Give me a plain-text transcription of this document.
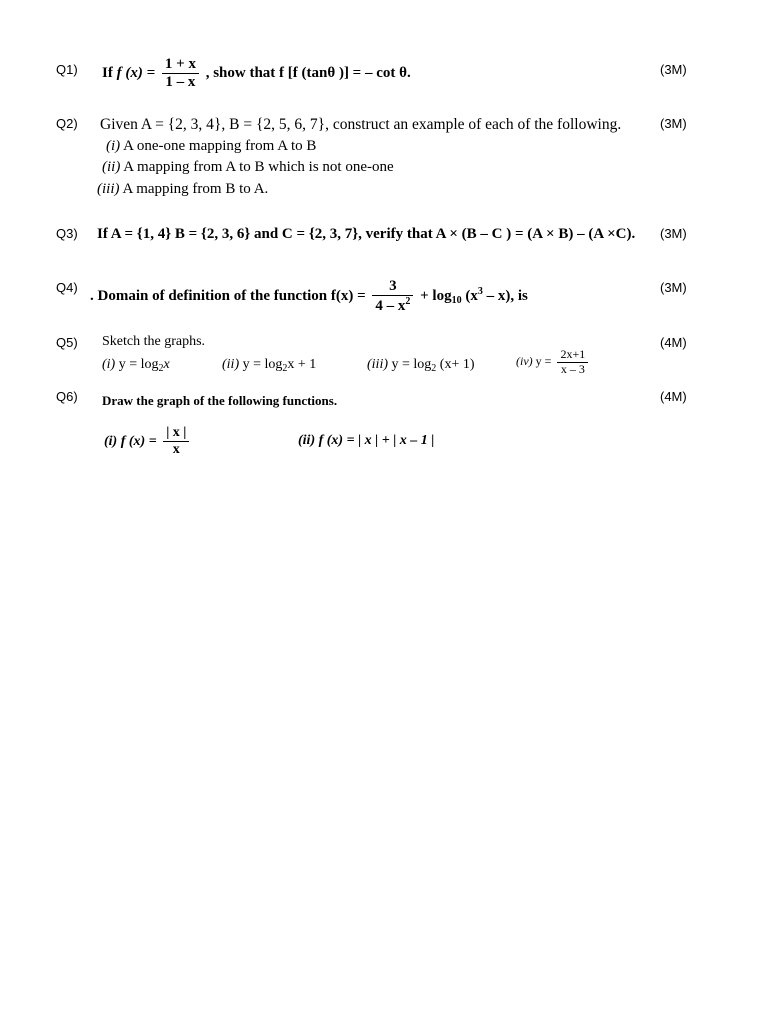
Q1)	(3M)
If f $(x) = \frac{1 + x}{1 - x}$ , show that f [f (tanθ )] = – cot θ.
Q2)	(3M)
Given A = {2, 3, 4}, B = {2, 5, 6, 7}, construct an example of each of the following.
(i) A one-one mapping from A to B
(ii) A mapping from A to B which is not one-one
(iii) A mapping from B to A.
Q3)	(3M)
If A = {1, 4} B = {2, 3, 6} and C = {2, 3, 7}, verify that A × (B – C ) = (A × B) – (A ×C).
Q4)	(3M)
. Domain of definition of the function $f(x) = \frac{3}{4 - x^2} + \log_{10} (x^3 - x)$, is
Q5)	(4M)
Sketch the graphs.
(i) $y = \log_2x$	(ii) $y = \log_2x + 1$	(iii) $y = \log_2 (x+ 1)$	(iv) $y = \frac{2x+1}{x - 3}$
Q6)	(4M)
Draw the graph of the following functions.
(i) f $(x) = \frac{| x |}{x}$	(ii) f (x) = | x | + | x – 1 |
